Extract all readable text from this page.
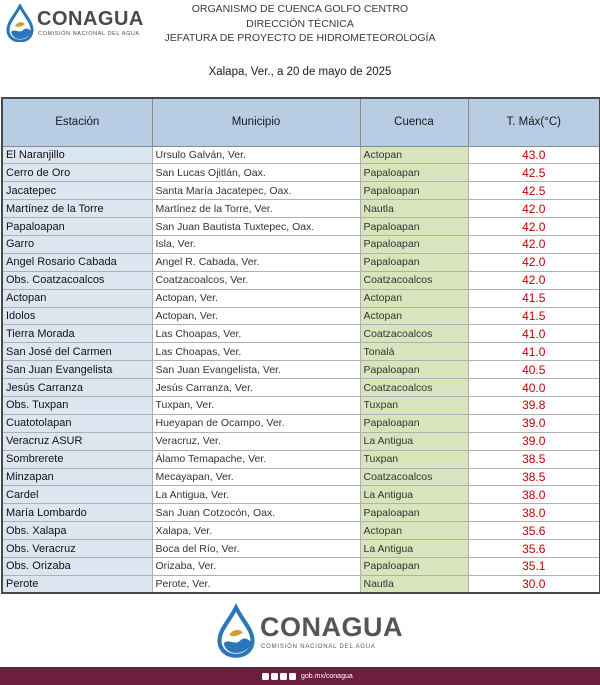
CONAGUA
COMISIÓN NACIONAL DEL AGUA
ORGANISMO DE CUENCA GOLFO CENTRO
DIRECCIÓN TÉCNICA
JEFATURA DE PROYECTO DE HIDROMETEOROLOGÍA
Xalapa, Ver., a 20 de mayo de 2025
Estación	Municipio	Cuenca	T. Máx(°C)
El Naranjillo	Ursulo Galván, Ver.	Actopan	43.0
Cerro de Oro	San Lucas Ojitlán, Oax.	Papaloapan	42.5
Jacatepec	Santa María Jacatepec, Oax.	Papaloapan	42.5
Martínez de la Torre	Martínez de la Torre, Ver.	Nautla	42.0
Papaloapan	San Juan Bautista Tuxtepec, Oax.	Papaloapan	42.0
Garro	Isla, Ver.	Papaloapan	42.0
Angel Rosario Cabada	Angel R. Cabada, Ver.	Papaloapan	42.0
Obs. Coatzacoalcos	Coatzacoalcos, Ver.	Coatzacoalcos	42.0
Actopan	Actopan, Ver.	Actopan	41.5
Idolos	Actopan, Ver.	Actopan	41.5
Tierra Morada	Las Choapas, Ver.	Coatzacoalcos	41.0
San José del Carmen	Las Choapas, Ver.	Tonalá	41.0
San Juan Evangelista	San Juan Evangelista, Ver.	Papaloapan	40.5
Jesús Carranza	Jesús Carranza, Ver.	Coatzacoalcos	40.0
Obs. Tuxpan	Tuxpan, Ver.	Tuxpan	39.8
Cuatotolapan	Hueyapan de Ocampo, Ver.	Papaloapan	39.0
Veracruz ASUR	Veracruz, Ver.	La Antigua	39.0
Sombrerete	Álamo Temapache, Ver.	Tuxpan	38.5
Minzapan	Mecayapan, Ver.	Coatzacoalcos	38.5
Cardel	La Antigua, Ver.	La Antigua	38.0
María Lombardo	San Juan Cotzocón, Oax.	Papaloapan	38.0
Obs. Xalapa	Xalapa, Ver.	Actopan	35.6
Obs. Veracruz	Boca del Río, Ver.	La Antigua	35.6
Obs. Orizaba	Orizaba, Ver.	Papaloapan	35.1
Perote	Perote, Ver.	Nautla	30.0
CONAGUA
COMISIÓN NACIONAL DEL AGUA
gob.mx/conagua
